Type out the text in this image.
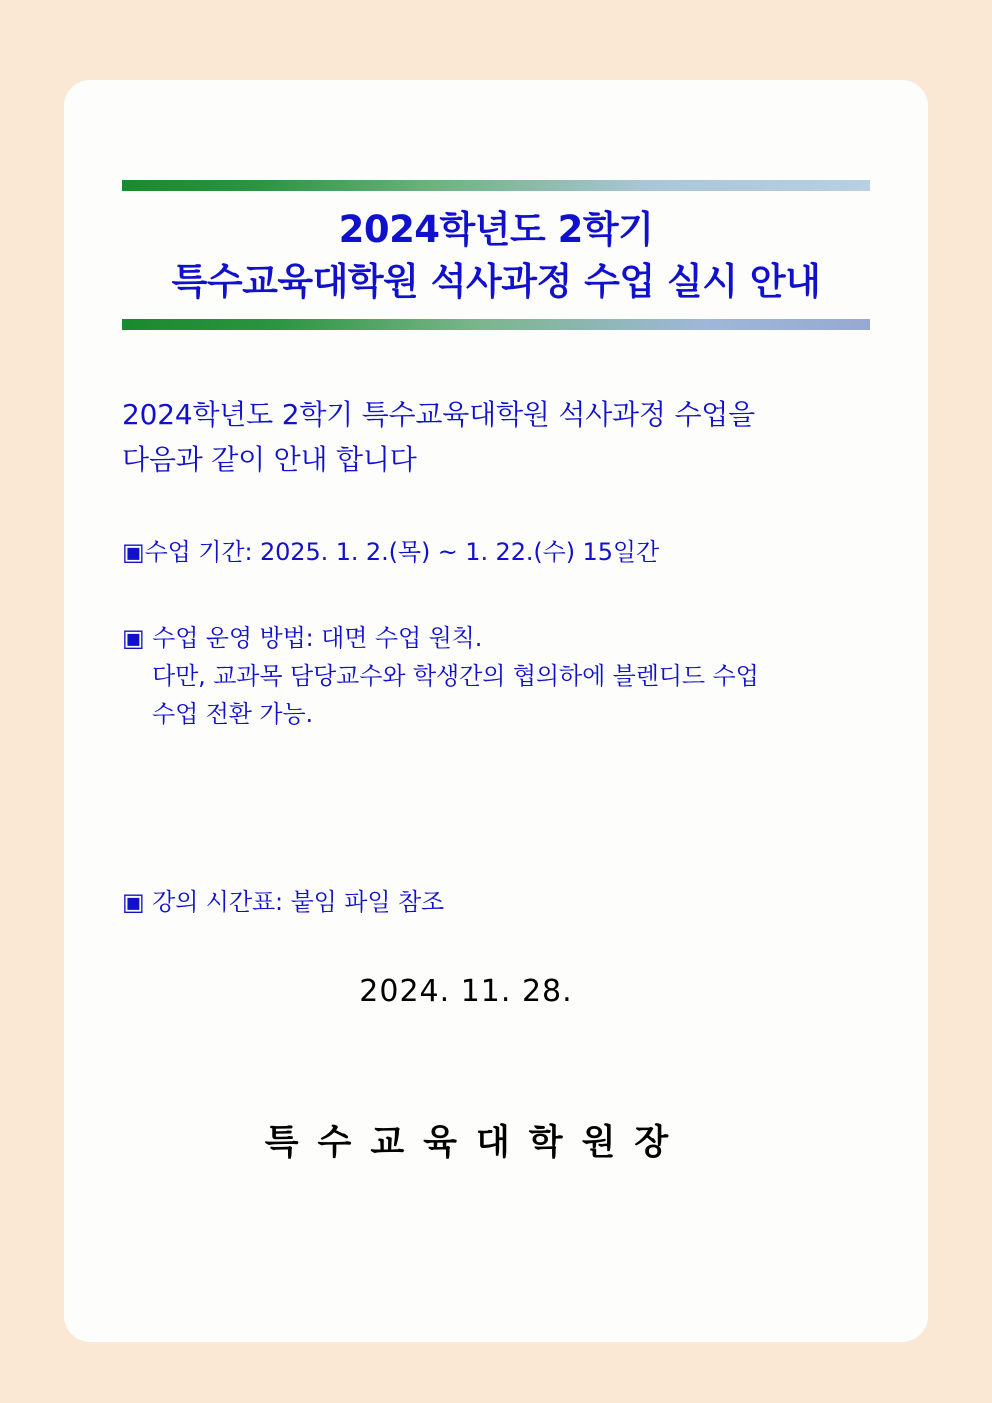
2024학년도 2학기
특수교육대학원 석사과정 수업 실시 안내
2024학년도 2학기 특수교육대학원 석사과정 수업을
다음과 같이 안내 합니다
▣수업 기간: 2025. 1. 2.(목) ~ 1. 22.(수) 15일간
▣ 수업 운영 방법: 대면 수업 원칙.
다만, 교과목 담당교수와 학생간의 협의하에 블렌디드 수업
수업 전환 가능.
▣ 강의 시간표: 붙임 파일 참조
2024. 11. 28.
특수교육대학원장
